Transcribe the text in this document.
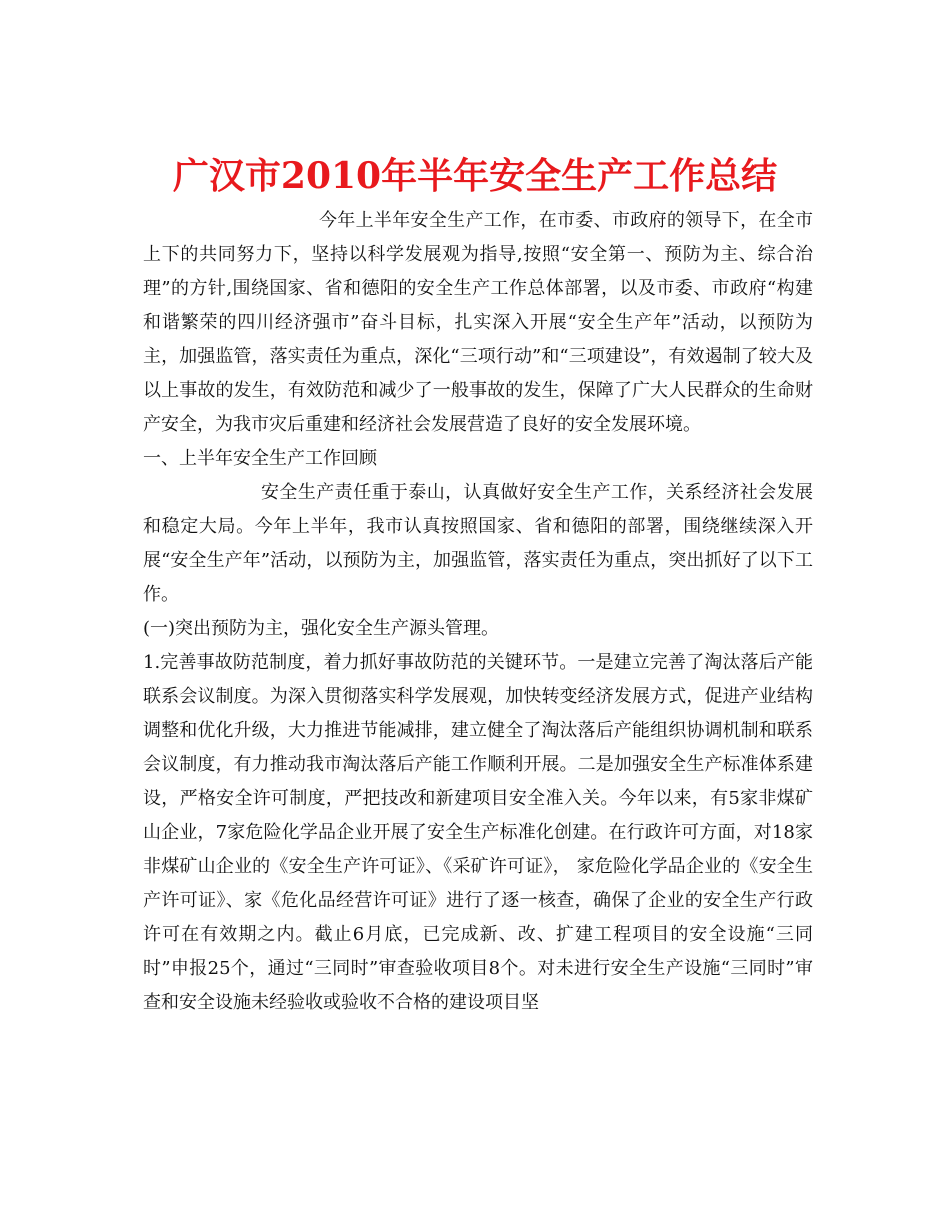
广汉市2010年半年安全生产工作总结

今年上半年安全生产工作，在市委、市政府的领导下，在全市上下的共同努力下，坚持以科学发展观为指导,按照“安全第一、预防为主、综合治理”的方针,围绕国家、省和德阳的安全生产工作总体部署，以及市委、市政府“构建和谐繁荣的四川经济强市”奋斗目标，扎实深入开展“安全生产年”活动，以预防为主，加强监管，落实责任为重点，深化“三项行动”和“三项建设”，有效遏制了较大及以上事故的发生，有效防范和减少了一般事故的发生，保障了广大人民群众的生命财产安全，为我市灾后重建和经济社会发展营造了良好的安全发展环境。

一、上半年安全生产工作回顾

安全生产责任重于泰山，认真做好安全生产工作，关系经济社会发展和稳定大局。今年上半年，我市认真按照国家、省和德阳的部署，围绕继续深入开展“安全生产年”活动，以预防为主，加强监管，落实责任为重点，突出抓好了以下工作。

(一)突出预防为主，强化安全生产源头管理。

1.完善事故防范制度，着力抓好事故防范的关键环节。一是建立完善了淘汰落后产能联系会议制度。为深入贯彻落实科学发展观，加快转变经济发展方式，促进产业结构调整和优化升级，大力推进节能减排，建立健全了淘汰落后产能组织协调机制和联系会议制度，有力推动我市淘汰落后产能工作顺利开展。二是加强安全生产标准体系建设，严格安全许可制度，严把技改和新建项目安全准入关。今年以来，有5家非煤矿山企业，7家危险化学品企业开展了安全生产标准化创建。在行政许可方面，对18家非煤矿山企业的《安全生产许可证》、《采矿许可证》， 家危险化学品企业的《安全生产许可证》、家《危化品经营许可证》进行了逐一核查，确保了企业的安全生产行政许可在有效期之内。截止6月底，已完成新、改、扩建工程项目的安全设施“三同时”申报25个，通过“三同时”审查验收项目8个。对未进行安全生产设施“三同时”审查和安全设施未经验收或验收不合格的建设项目坚
